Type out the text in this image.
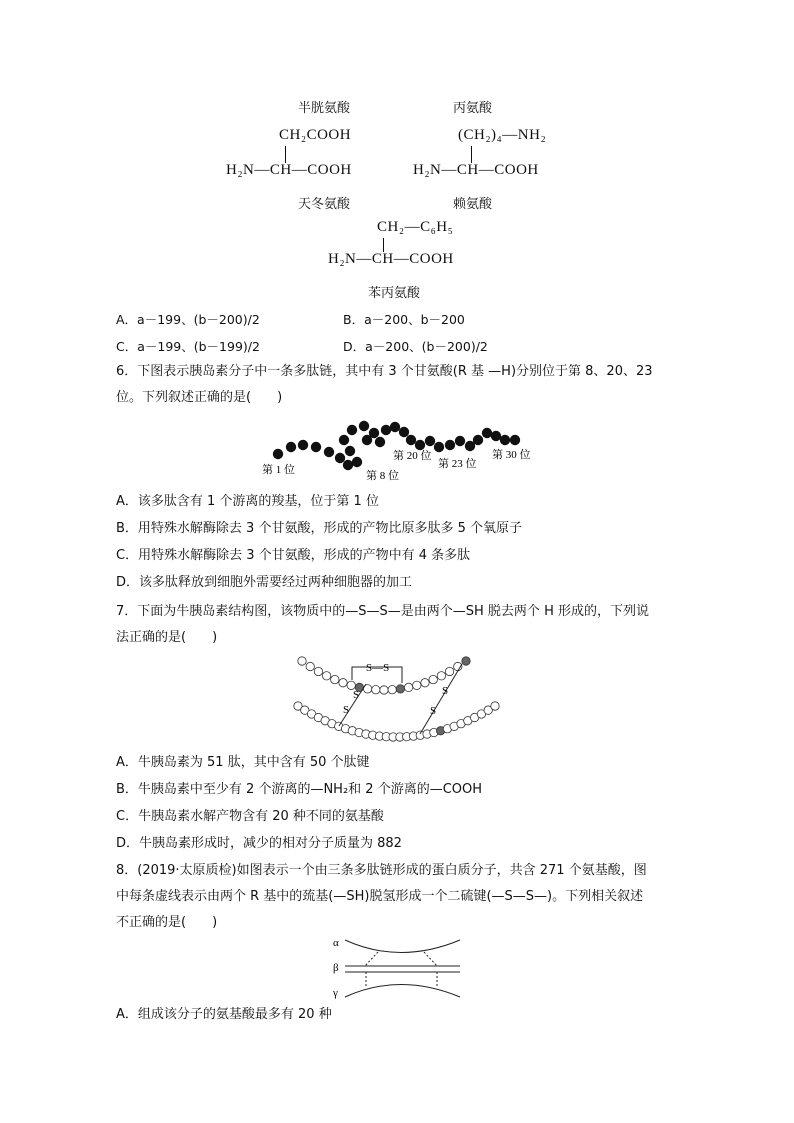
半胱氨酸	丙氨酸
CH₂COOH
H₂N—CH—COOH
(CH₂)₄—NH₂
H₂N—CH—COOH
天冬氨酸	赖氨酸
CH₂—C₆H₅
H₂N—CH—COOH
苯丙氨酸
A．a－199、(b－200)/2	B．a－200、b－200
C．a－199、(b－199)/2	D．a－200、(b－200)/2
6．下图表示胰岛素分子中一条多肽链，其中有 3 个甘氨酸(R 基 —H)分别位于第 8、20、23
位。下列叙述正确的是(　　)
第 1 位	第 8 位
第 20 位
第 23 位
第 30 位
A．该多肽含有 1 个游离的羧基，位于第 1 位
B．用特殊水解酶除去 3 个甘氨酸，形成的产物比原多肽多 5 个氧原子
C．用特殊水解酶除去 3 个甘氨酸，形成的产物中有 4 条多肽
D．该多肽释放到细胞外需要经过两种细胞器的加工
7．下面为牛胰岛素结构图，该物质中的—S—S—是由两个—SH 脱去两个 H 形成的，下列说
法正确的是(　　)
S—S
S
S
S
S
A．牛胰岛素为 51 肽，其中含有 50 个肽键
B．牛胰岛素中至少有 2 个游离的—NH₂和 2 个游离的—COOH
C．牛胰岛素水解产物含有 20 种不同的氨基酸
D．牛胰岛素形成时，减少的相对分子质量为 882
8．(2019·太原质检)如图表示一个由三条多肽链形成的蛋白质分子，共含 271 个氨基酸，图
中每条虚线表示由两个 R 基中的巯基(—SH)脱氢形成一个二硫键(—S—S—)。下列相关叙述
不正确的是(　　)
α
β
γ
A．组成该分子的氨基酸最多有 20 种
